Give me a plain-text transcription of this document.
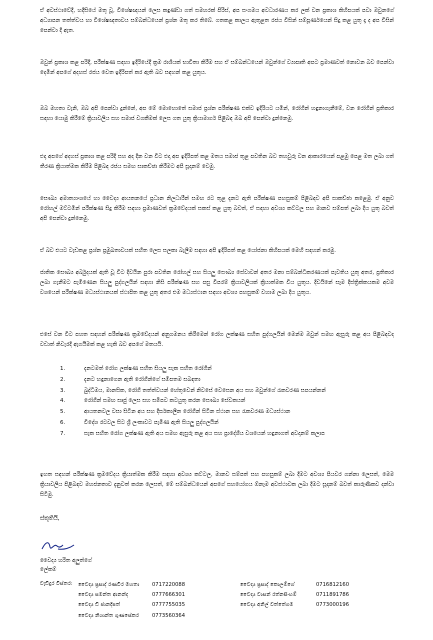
ඒ අවස්ථාවේදී, හදිසියේ මතු වූ, විශේෂඥයන් ලෙස කඳුණ්ඩා ගත් සමහරක් පිරිස්, අප සංගමය අවධාරණය කර ලක් වන ප්‍රකාශ කිහිපයක් පවා ඔවුනගේ අධ්‍යාපන තත්ත්වය හා විශේෂඥතාවය සම්බන්ධයෙන් ප්‍රශ්න මතු කර තිබේ. ගතකළ කාලය ඇතුළත රජය විසින් සම්පූර්ණයෙන් සිදු කළ යුතු දෑ ද අප විසින් පෙන්වා දී ඇත.

ඔවුන් ප්‍රකාශ කළ පරිදි, පරීක්ෂණ සඳහා ඉදිරියේදී ක්‍රම රාශියක් භාවිතා කිරීම සහ ඒ සම්බන්ධයෙන් ඔවුන්ගේ ව්‍යාපෘති අපට ප්‍රමාණවත් නොවන බව පෙන්වා දෙමින් අපගේ අදහස් රජය වෙත ඉදිරිපත් කර ඇති බව සඳහන් කළ යුතුය.

ඔබ මහතා වැනි, ඔබ අපි පෙන්වා දුන්නේ, අප මේ මොහොතේ සමාජ ප්‍රශ්න පරීක්ෂණ එක්ව ඉදිරියට යමින්, රෝගීන් හඳුනාගැනීමේ, වන රෝගීන් ප්‍රතිකාර සඳහා යොමු කිරීමේ ක්‍රියාවලිය සහ සමාජ වගකීමක් ලෙස ගත යුතු ක්‍රියාමාර්ග පිළිබඳ ඔබ අපි පෙන්වා දුන්නෙමු.

එදා අපගේ අදහස් ප්‍රකාශ කළ පරිදි සහ අද දින වන විට එදා අප ඉදිරිපත් කළ මතය සමාජ තුළ පවතින බව තහවුරු වන ආකාරයෙන් පළමු පෙළ මත ලබා ගත් තීරණ ක්‍රියාත්මක කිරීම පිළිබඳ රජය සමඟ සාකච්ඡා කිරීමට අපි සූදානම් වෙමු.

සෞඛ්‍ය අමාත්‍යාංශයේ හා වෛද්‍ය ආයතනයේ ප්‍රධාන නිලධාරීන් සමඟ රට තුළ දැනට ඇති පරීක්ෂණ පහසුකම් පිළිබඳව අපි සාකච්ඡා කළෙමු. ඒ අනුව රෝහල් මට්ටමින් පරීක්ෂණ සිදු කිරීම සඳහා ප්‍රමාණවත් ක්‍රමවේදයක් සකස් කළ යුතු බවත්, ඒ සඳහා අවශ්‍ය කට්ටල සහ මානව සම්පත් ලබා දිය යුතු බවත් අපි පෙන්වා දුන්නෙමු.

ඒ බව එයට වැඩකළ ප්‍රශ්න ප්‍රමුඛතාවයක් සහිත ලෙස සලකා බැලීම සඳහා අපි ඉදිරිපත් කළ යෝජනා කිහිපයක් මෙහි සඳහන් කරමු.

ජාතික සෞඛ්‍ය අර්බුදයක් ඇති වූ විට දිවයින පුරා පවතින රෝහල් සහ සියලු සෞඛ්‍ය සේවාවන් අතර මනා සම්බන්ධීකරණයක් පැවතිය යුතු අතර, ප්‍රතිකාර ලබා ගැනීමට පැමිණෙන සියලු පුද්ගලයින් සඳහා නිසි පරීක්ෂණ සහ පසු විපරම් ක්‍රියාවලියක් ක්‍රියාත්මක විය යුතුය. දිවයිනේ සෑම දිස්ත්‍රික්කයකම අවම වශයෙන් පරීක්ෂණ මධ්‍යස්ථානයක් ස්ථාපිත කළ යුතු අතර එම මධ්‍යස්ථාන සඳහා අවශ්‍ය පහසුකම් වහාම ලබා දිය යුතුය.

එසේ වන විට පහත සඳහන් පරීක්ෂණ ක්‍රමවේදයන් අනුගමනය කිරීමෙන් රෝග ලක්ෂණ සහිත පුද්ගලයින් මෙන්ම ඔවුන් සමඟ ඇසුරු කළ අය පිළිබඳවද වඩාත් නිවැරදි ඇගයීමක් කළ හැකි බව අපගේ මතයයි.

1.	දැනටමත් රෝග ලක්ෂණ සහිත සියලු සැක සහිත රෝගීන්
2.	දැනට හඳුනාගෙන ඇති රෝගීන්ගේ සමීපතම සබඳතා
3.	බුද්ධිමය, මානසික, රෝගී තත්ත්වයන් හේතුවෙන් නිවසේ වෙසෙන අය සහ ඔවුන්ගේ රැකවරණ සපයන්නන්
4.	රෝගීන් සමඟ සෘජු ලෙස සහ සමීපව කටයුතු කරන සෞඛ්‍ය සේවකයන්
5.	ආයතනවල වසා සිටින අය සහ දීර්ඝකාලීන රෝගීන් සිටින ස්ථාන සහ රැකවරණ මධ්‍යස්ථාන
6.	විදේශ රටවල සිට ශ්‍රී ලංකාවට පැමිණ ඇති සියලු පුද්ගලයින්
7.	සැක සහිත රෝග ලක්ෂණ ඇති අය සමඟ ඇසුරු කළ අය සහ ප්‍රාදේශීය වශයෙන් හඳුනාගත් අවදානම් කලාප

ඉහත සඳහන් පරීක්ෂණ ක්‍රමවේදය ක්‍රියාත්මක කිරීම සඳහා අවශ්‍ය කට්ටල, මානව සම්පත් සහ පහසුකම් ලබා දීමට අවශ්‍ය පියවර ගන්නා ලෙසත්, මෙම ක්‍රියාවලිය පිළිබඳව මහජනතාව දැනුවත් කරන ලෙසත්, මේ සම්බන්ධයෙන් අපගේ සහයෝගය ඕනෑම අවස්ථාවක ලබා දීමට සූදානම් බවත් කාරුණිකව දන්වා සිටිමු.

ස්තූතියි,
වෛද්‍ය හරිත අලුත්ගේ
ලේකම්
වැඩිදුර විස්තර: වෛද්‍ය ප්‍රසාද් රණවීර මහතා	0717220088	වෛද්‍ය ප්‍රසාද් කොලම්ගේ	0716812160
වෛද්‍ය සමන්ත ආනන්ද	0777666301	වෛද්‍ය වාසන් රත්නසිංහම්	0711891786
වෛද්‍ය ඩී ජානදිපත්	0777755035	වෛද්‍ය අනිල් වත්තේගම	0773000196
වෛද්‍ය නිශාන්ත ගුණසේකර	0773560364
